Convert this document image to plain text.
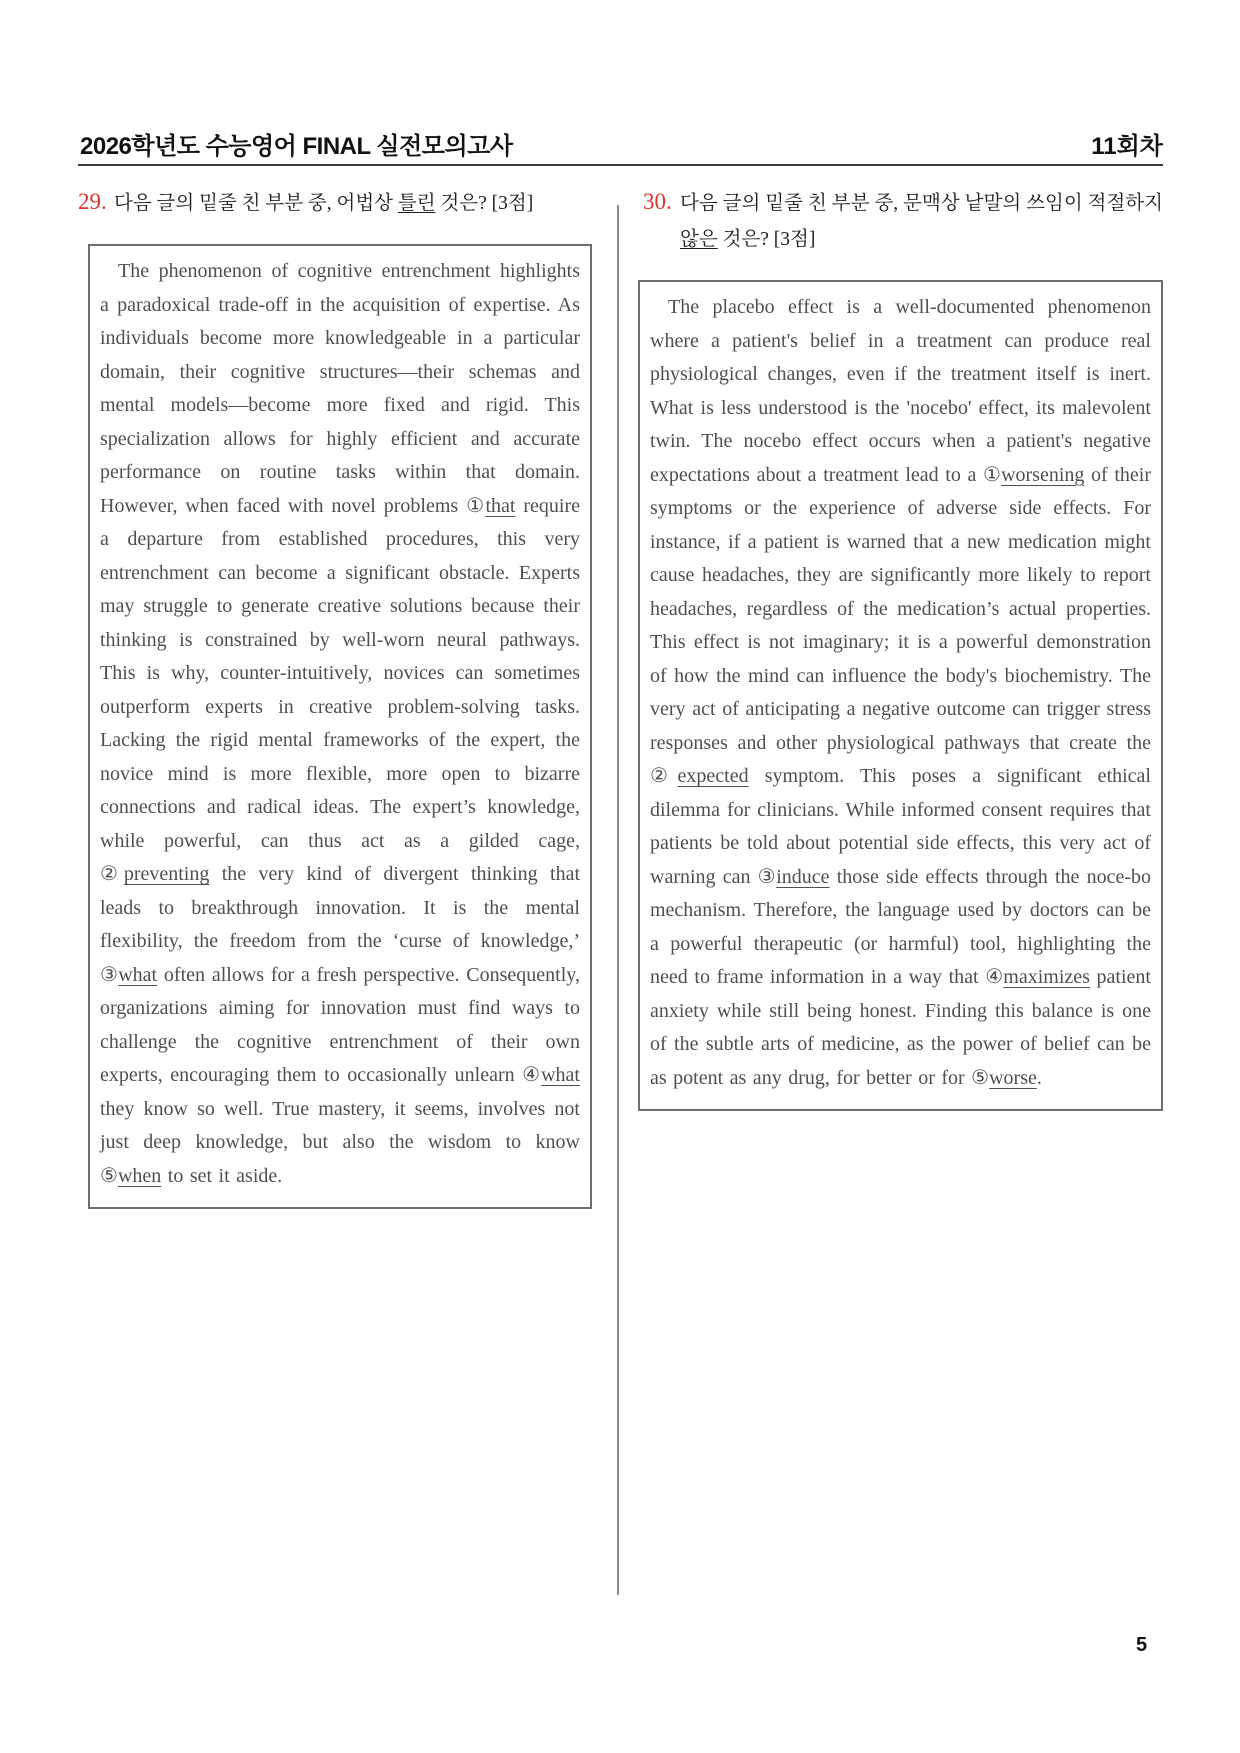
2026학년도 수능영어 FINAL 실전모의고사	11회차
29. 다음 글의 밑줄 친 부분 중, 어법상 틀린 것은? [3점]

The phenomenon of cognitive entrenchment highlights a paradoxical trade-off in the acquisition of expertise. As individuals become more knowledgeable in a particular domain, their cognitive structures—their schemas and mental models—become more fixed and rigid. This specialization allows for highly efficient and accurate performance on routine tasks within that domain. However, when faced with novel problems ①that require a departure from established procedures, this very entrenchment can become a significant obstacle. Experts may struggle to generate creative solutions because their thinking is constrained by well-worn neural pathways. This is why, counter-intuitively, novices can sometimes outperform experts in creative problem-solving tasks. Lacking the rigid mental frameworks of the expert, the novice mind is more flexible, more open to bizarre connections and radical ideas. The expert’s knowledge, while powerful, can thus act as a gilded cage, ②preventing the very kind of divergent thinking that leads to breakthrough innovation. It is the mental flexibility, the freedom from the ‘curse of knowledge,’ ③what often allows for a fresh perspective. Consequently, organizations aiming for innovation must find ways to challenge the cognitive entrenchment of their own experts, encouraging them to occasionally unlearn ④what they know so well. True mastery, it seems, involves not just deep knowledge, but also the wisdom to know ⑤when to set it aside.

30. 다음 글의 밑줄 친 부분 중, 문맥상 낱말의 쓰임이 적절하지 않은 것은? [3점]

The placebo effect is a well-documented phenomenon where a patient's belief in a treatment can produce real physiological changes, even if the treatment itself is inert. What is less understood is the 'nocebo' effect, its malevolent twin. The nocebo effect occurs when a patient's negative expectations about a treatment lead to a ①worsening of their symptoms or the experience of adverse side effects. For instance, if a patient is warned that a new medication might cause headaches, they are significantly more likely to report headaches, regardless of the medication’s actual properties. This effect is not imaginary; it is a powerful demonstration of how the mind can influence the body's biochemistry. The very act of anticipating a negative outcome can trigger stress responses and other physiological pathways that create the ②expected symptom. This poses a significant ethical dilemma for clinicians. While informed consent requires that patients be told about potential side effects, this very act of warning can ③induce those side effects through the noce-bo mechanism. Therefore, the language used by doctors can be a powerful therapeutic (or harmful) tool, highlighting the need to frame information in a way that ④maximizes patient anxiety while still being honest. Finding this balance is one of the subtle arts of medicine, as the power of belief can be as potent as any drug, for better or for ⑤worse.

5
